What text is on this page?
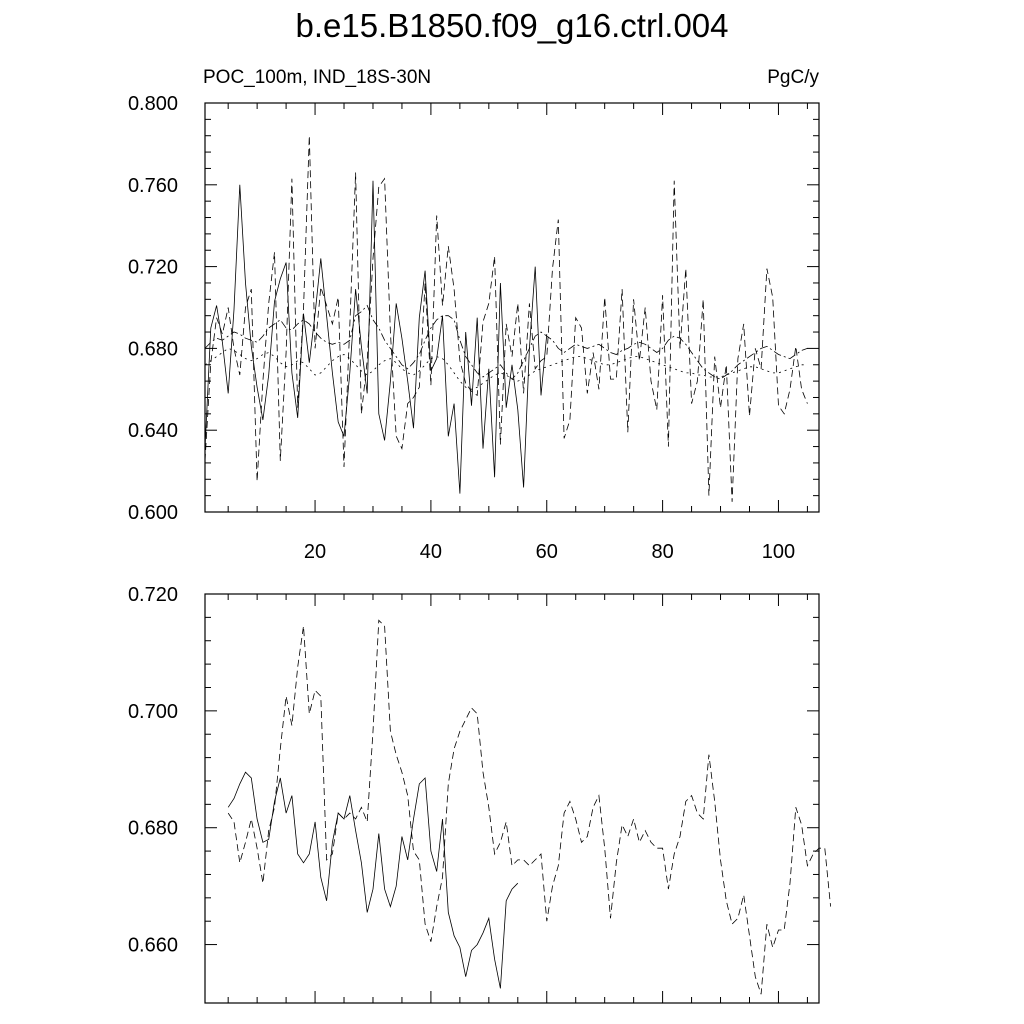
b.e15.B1850.f09_g16.ctrl.004
POC_100m, IND_18S-30N	PgC/y
0.600
0.640
0.680
0.720
0.760
0.800
20	40	60	80	100
0.660
0.680
0.700
0.720
